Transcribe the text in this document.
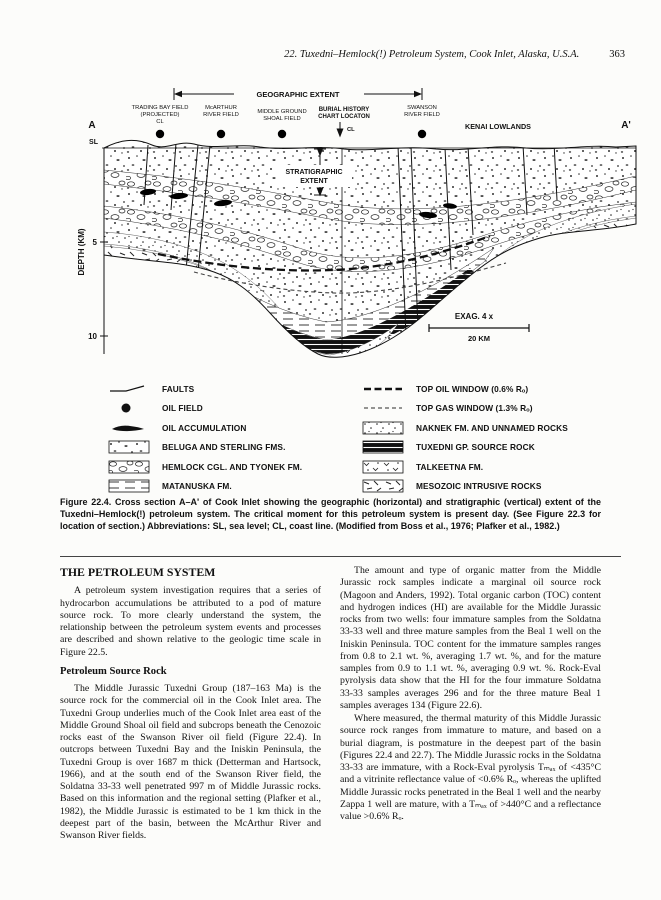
22. Tuxedni–Hemlock(!) Petroleum System, Cook Inlet, Alaska, U.S.A.	363
GEOGRAPHIC EXTENT
TRADING BAY FIELD
(PROJECTED)
CL
McARTHUR
RIVER FIELD	MIDDLE GROUND
SHOAL FIELD
BURIAL HISTORY
CHART LOCATON
SWANSON
RIVER FIELD
CL
A	A'
KENAI LOWLANDS
STRATIGRAPHIC
EXTENT
SL
5
10
DEPTH (KM)
EXAG. 4 x
20 KM
FAULTS
OIL FIELD
OIL ACCUMULATION
BELUGA AND STERLING FMS.
HEMLOCK CGL. AND TYONEK FM.
MATANUSKA FM.
TOP OIL WINDOW (0.6% Rₒ)
TOP GAS WINDOW (1.3% Rₒ)
NAKNEK FM. AND UNNAMED ROCKS
TUXEDNI GP. SOURCE ROCK
TALKEETNA FM.
MESOZOIC INTRUSIVE ROCKS

Figure 22.4. Cross section A–A' of Cook Inlet showing the geographic (horizontal) and stratigraphic (vertical) extent of the Tuxedni–Hemlock(!) petroleum system. The critical moment for this petroleum system is present day. (See Figure 22.3 for location of section.) Abbreviations: SL, sea level; CL, coast line. (Modified from Boss et al., 1976; Plafker et al., 1982.)

THE PETROLEUM SYSTEM

A petroleum system investigation requires that a series of hydrocarbon accumulations be attributed to a pod of mature source rock. To more clearly understand the system, the relationship between the petroleum system events and processes are described and shown relative to the geologic time scale in Figure 22.5.

Petroleum Source Rock

The Middle Jurassic Tuxedni Group (187–163 Ma) is the source rock for the commercial oil in the Cook Inlet area. The Tuxedni Group underlies much of the Cook Inlet area east of the Middle Ground Shoal oil field and subcrops beneath the Cenozoic rocks east of the Swanson River oil field (Figure 22.4). In outcrops between Tuxedni Bay and the Iniskin Peninsula, the Tuxedni Group is over 1687 m thick (Detterman and Hartsock, 1966), and at the south end of the Swanson River field, the Soldatna 33-33 well penetrated 997 m of Middle Jurassic rocks. Based on this information and the regional setting (Plafker et al., 1982), the Middle Jurassic is estimated to be 1 km thick in the deepest part of the basin, between the McArthur River and Swanson River fields.

The amount and type of organic matter from the Middle Jurassic rock samples indicate a marginal oil source rock (Magoon and Anders, 1992). Total organic carbon (TOC) content and hydrogen indices (HI) are available for the Middle Jurassic rocks from two wells: four immature samples from the Soldatna 33-33 well and three mature samples from the Beal 1 well on the Iniskin Peninsula. TOC content for the immature samples ranges from 0.8 to 2.1 wt. %, averaging 1.7 wt. %, and for the mature samples from 0.9 to 1.1 wt. %, averaging 0.9 wt. %. Rock-Eval pyrolysis data show that the HI for the four immature Soldatna 33-33 samples averages 296 and for the three mature Beal 1 samples averages 134 (Figure 22.6).

Where measured, the thermal maturity of this Middle Jurassic source rock ranges from immature to mature, and based on a burial diagram, is postmature in the deepest part of the basin (Figures 22.4 and 22.7). The Middle Jurassic rocks in the Soldatna 33-33 are immature, with a Rock-Eval pyrolysis Tₘₐₓ of <435°C and a vitrinite reflectance value of <0.6% Rₒ, whereas the uplifted Middle Jurassic rocks penetrated in the Beal 1 well and the nearby Zappa 1 well are mature, with a Tₘₐₓ of >440°C and a reflectance value >0.6% Rₒ.
